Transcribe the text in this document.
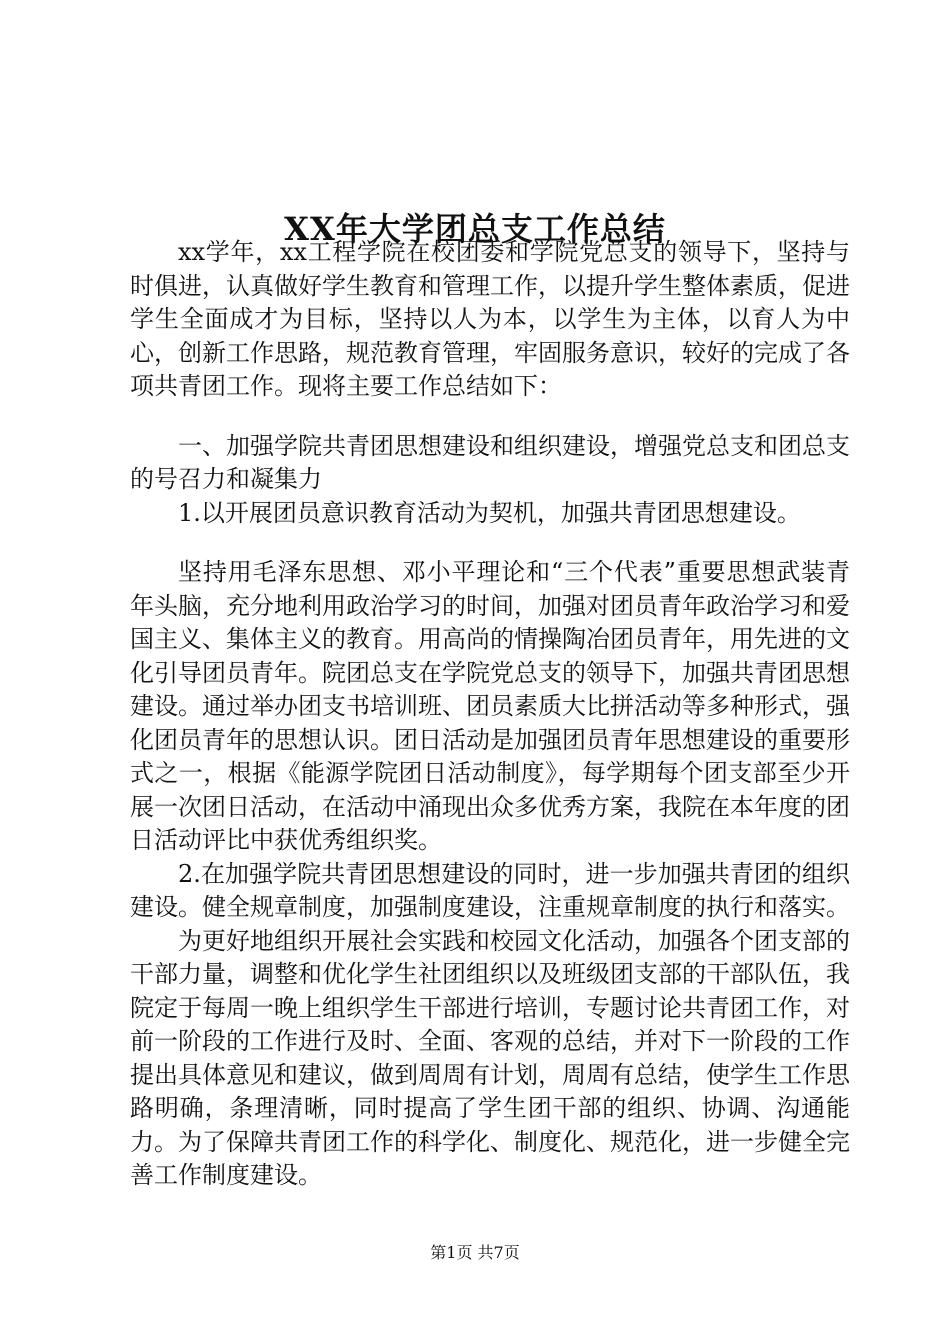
XX年大学团总支工作总结

xx学年，xx工程学院在校团委和学院党总支的领导下，坚持与时俱进，认真做好学生教育和管理工作，以提升学生整体素质，促进学生全面成才为目标，坚持以人为本，以学生为主体，以育人为中心，创新工作思路，规范教育管理，牢固服务意识，较好的完成了各项共青团工作。现将主要工作总结如下：

一、加强学院共青团思想建设和组织建设，增强党总支和团总支的号召力和凝集力

1.以开展团员意识教育活动为契机，加强共青团思想建设。

坚持用毛泽东思想、邓小平理论和“三个代表”重要思想武装青年头脑，充分地利用政治学习的时间，加强对团员青年政治学习和爱国主义、集体主义的教育。用高尚的情操陶冶团员青年，用先进的文化引导团员青年。院团总支在学院党总支的领导下，加强共青团思想建设。通过举办团支书培训班、团员素质大比拼活动等多种形式，强化团员青年的思想认识。团日活动是加强团员青年思想建设的重要形式之一，根据《能源学院团日活动制度》，每学期每个团支部至少开展一次团日活动，在活动中涌现出众多优秀方案，我院在本年度的团日活动评比中获优秀组织奖。

2.在加强学院共青团思想建设的同时，进一步加强共青团的组织建设。健全规章制度，加强制度建设，注重规章制度的执行和落实。

为更好地组织开展社会实践和校园文化活动，加强各个团支部的干部力量，调整和优化学生社团组织以及班级团支部的干部队伍，我院定于每周一晚上组织学生干部进行培训，专题讨论共青团工作，对前一阶段的工作进行及时、全面、客观的总结，并对下一阶段的工作提出具体意见和建议，做到周周有计划，周周有总结，使学生工作思路明确，条理清晰，同时提高了学生团干部的组织、协调、沟通能力。为了保障共青团工作的科学化、制度化、规范化，进一步健全完善工作制度建设。

第1页 共7页
